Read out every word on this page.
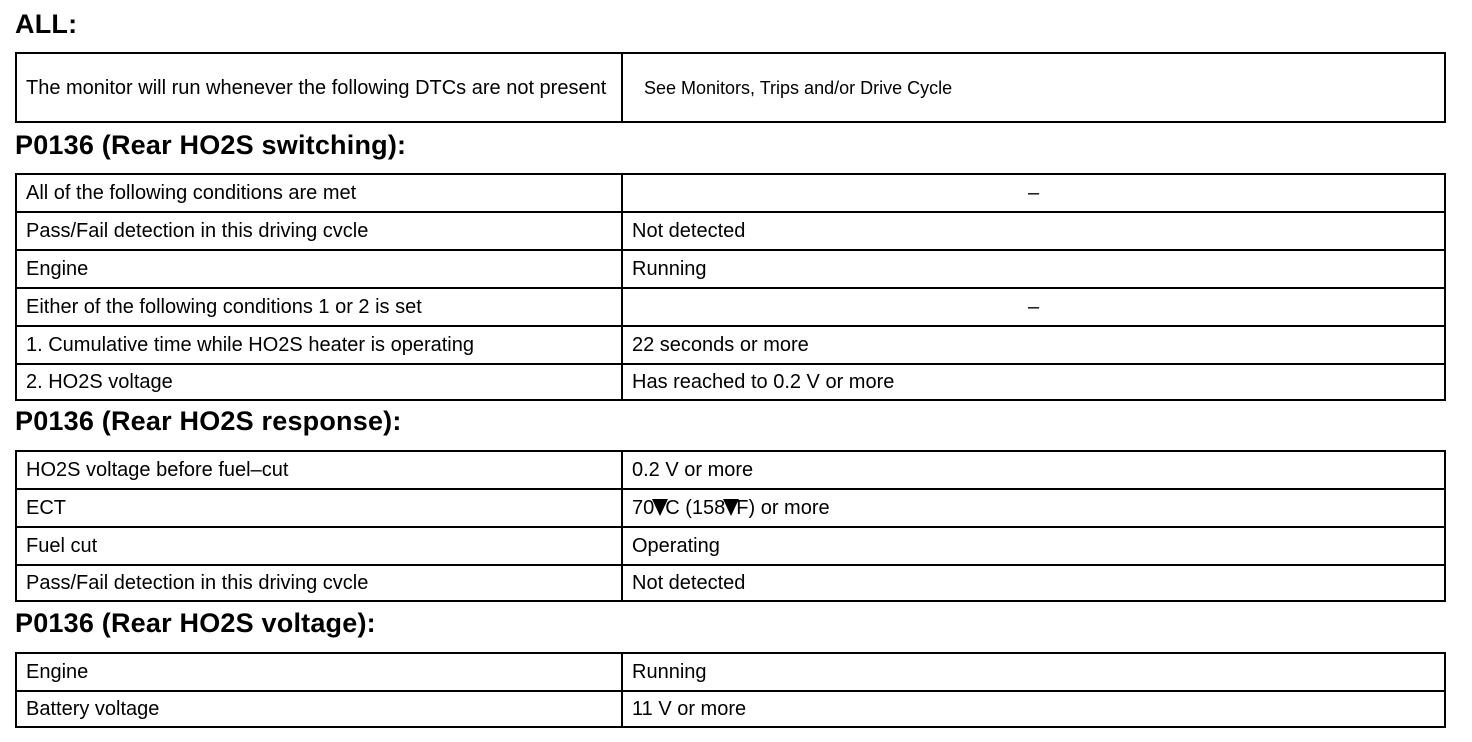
ALL:
The monitor will run whenever the following DTCs are not present	See Monitors, Trips and/or Drive Cycle
P0136 (Rear HO2S switching):
All of the following conditions are met	–
Pass/Fail detection in this driving cvcle	Not detected
Engine	Running
Either of the following conditions 1 or 2 is set	–
1. Cumulative time while HO2S heater is operating	22 seconds or more
2. HO2S voltage	Has reached to 0.2 V or more
P0136 (Rear HO2S response):
HO2S voltage before fuel–cut	0.2 V or more
ECT	70 C (158 F) or more
Fuel cut	Operating
Pass/Fail detection in this driving cvcle	Not detected
P0136 (Rear HO2S voltage):
Engine	Running
Battery voltage	11 V or more
